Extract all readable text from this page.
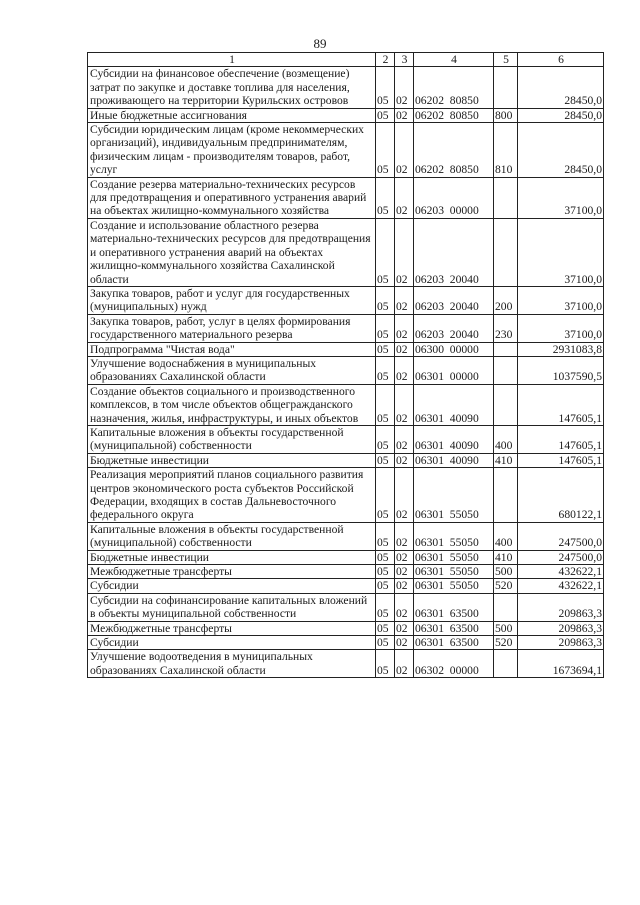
89
1	2	3	4	5	6
Субсидии на финансовое обеспечение (возмещение) затрат по закупке и доставке топлива для населения, проживающего на территории Курильских островов	05	02	06202  80850		28450,0
Иные бюджетные ассигнования	05	02	06202  80850	800	28450,0
Субсидии юридическим лицам (кроме некоммерческих организаций), индивидуальным предпринимателям, физическим лицам - производителям товаров, работ, услуг	05	02	06202  80850	810	28450,0
Создание резерва материально-технических ресурсов для предотвращения и оперативного устранения аварий на объектах жилищно-коммунального хозяйства	05	02	06203  00000		37100,0
Создание и использование областного резерва материально-технических ресурсов для предотвращения и оперативного устранения аварий на объектах жилищно-коммунального хозяйства Сахалинской области	05	02	06203  20040		37100,0
Закупка товаров, работ и услуг для государственных (муниципальных) нужд	05	02	06203  20040	200	37100,0
Закупка товаров, работ, услуг в целях формирования государственного материального резерва	05	02	06203  20040	230	37100,0
Подпрограмма "Чистая вода"	05	02	06300  00000		2931083,8
Улучшение водоснабжения в муниципальных образованиях Сахалинской области	05	02	06301  00000		1037590,5
Создание объектов социального и производственного комплексов, в том числе объектов общегражданского назначения, жилья, инфраструктуры, и иных объектов	05	02	06301  40090		147605,1
Капитальные вложения в объекты государственной (муниципальной) собственности	05	02	06301  40090	400	147605,1
Бюджетные инвестиции	05	02	06301  40090	410	147605,1
Реализация мероприятий планов социального развития центров экономического роста субъектов Российской Федерации, входящих в состав Дальневосточного федерального округа	05	02	06301  55050		680122,1
Капитальные вложения в объекты государственной (муниципальной) собственности	05	02	06301  55050	400	247500,0
Бюджетные инвестиции	05	02	06301  55050	410	247500,0
Межбюджетные трансферты	05	02	06301  55050	500	432622,1
Субсидии	05	02	06301  55050	520	432622,1
Субсидии на софинансирование капитальных вложений в объекты муниципальной собственности	05	02	06301  63500		209863,3
Межбюджетные трансферты	05	02	06301  63500	500	209863,3
Субсидии	05	02	06301  63500	520	209863,3
Улучшение водоотведения в муниципальных образованиях Сахалинской области	05	02	06302  00000		1673694,1
